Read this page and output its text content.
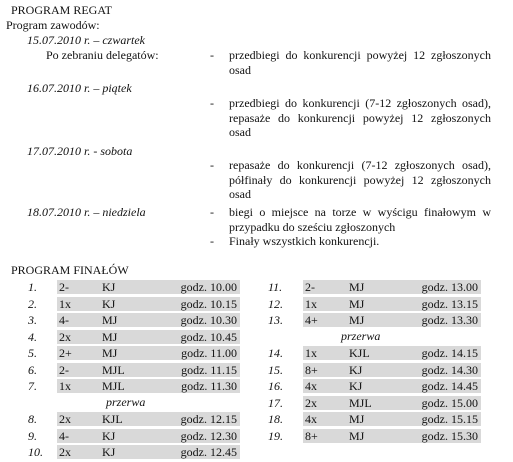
PROGRAM REGAT
Program zawodów:
15.07.2010 r. – czwartek
Po zebraniu delegatów:	- przedbiegi do konkurencji powyżej 12 zgłoszonych osad
16.07.2010 r. – piątek
- przedbiegi do konkurencji (7-12 zgłoszonych osad), repasaże do konkurencji powyżej 12 zgłoszonych osad
17.07.2010 r. - sobota
- repasaże do konkurencji (7-12 zgłoszonych osad), półfinały do konkurencji powyżej 12 zgłoszonych osad
18.07.2010 r. – niedziela	- biegi o miejsce na torze w wyścigu finałowym w przypadku do sześciu zgłoszonych
- Finały wszystkich konkurencji.
PROGRAM FINAŁÓW
1. 2-	KJ	godz. 10.00
2. 1x	KJ	godz. 10.15
3. 4-	MJ	godz. 10.30
4. 2x	MJ	godz. 10.45
5. 2+	MJ	godz. 11.00
6. 2-	MJL	godz. 11.15
7. 1x	MJL	godz. 11.30
przerwa
8. 2x	KJL	godz. 12.15
9. 4-	KJ	godz. 12.30
10. 2x	KJ	godz. 12.45
11. 2-	MJ	godz. 13.00
12. 1x	MJ	godz. 13.15
13. 4+	MJ	godz. 13.30
przerwa
14. 1x	KJL	godz. 14.15
15. 8+	KJ	godz. 14.30
16. 4x	KJ	godz. 14.45
17. 2x	MJL	godz. 15.00
18. 4x	MJ	godz. 15.15
19. 8+	MJ	godz. 15.30
